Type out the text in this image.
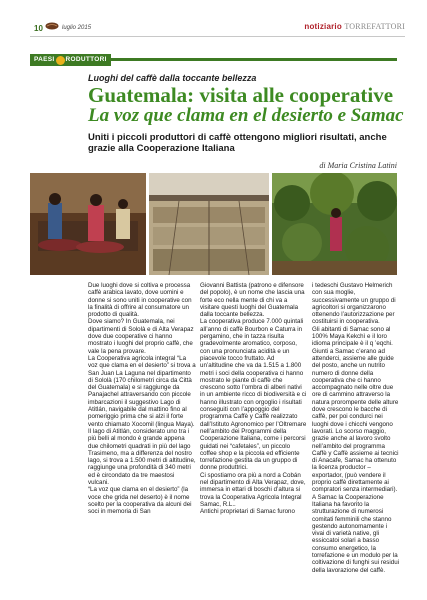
10	luglio 2015	notiziario TORREFATTORI
PAESI RODUTTORI
Luoghi del caffè dalla toccante bellezza
Guatemala: visita alle cooperative
La voz que clama en el desierto e Samac
Uniti i piccoli produttori di caffè ottengono migliori risultati, anche grazie alla Cooperazione Italiana
di Maria Cristina Latini

Due luoghi dove si coltiva e processa caffè arabica lavato, dove uomini e donne si sono uniti in cooperative con la finalità di offrire al consumatore un prodotto di qualità.

Dove siamo? In Guatemala, nei dipartimenti di Sololà e di Alta Verapaz dove due cooperative ci hanno mostrato i luoghi del proprio caffè, che vale la pena provare.

La Cooperativa agricola integral “La voz que clama en el desierto” si trova a San Juan La Laguna nel dipartimento di Sololà (170 chilometri circa da Città del Guatemala) e si raggiunge da Panajachel attraversando con piccole imbarcazioni il suggestivo Lago di Atitlán, navigabile dal mattino fino al pomeriggio prima che si alzi il forte vento chiamato Xocomil (lingua Maya).

Il lago di Atitlán, considerato uno tra i più belli al mondo è grande appena due chilometri quadrati in più del lago Trasimeno, ma a differenza del nostro lago, si trova a 1.500 metri di altitudine, raggiunge una profondità di 340 metri ed è circondato da tre maestosi vulcani.

“La voz que clama en el desierto” (la voce che grida nel deserto) è il nome scelto per la cooperativa da alcuni dei soci in memoria di San

Giovanni Battista (patrono e difensore del popolo), è un nome che lascia una forte eco nella mente di chi va a visitare questi luoghi del Guatemala dalla toccante bellezza.

La cooperativa produce 7.000 quintali all’anno di caffè Bourbon e Caturra in pergamino, che in tazza risulta gradevolmente aromatico, corposo, con una pronunciata acidità e un piacevole tocco fruttato. Ad un’altitudine che va da 1.515 a 1.800 metri i soci della cooperativa ci hanno mostrato le piante di caffè che crescono sotto l’ombra di alberi nativi in un ambiente ricco di biodiversità e ci hanno illustrato con orgoglio i risultati conseguiti con l’appoggio del programma Caffè y Caffè realizzato dall’Istituto Agronomico per l’Oltremare nell’ambito dei Programmi della Cooperazione Italiana, come i percorsi guidati nei “cafetales”, un piccolo coffee shop e la piccola ed efficiente torrefazione gestita da un gruppo di donne produttrici.

Ci spostiamo ora più a nord a Cobán nel dipartimento di Alta Verapaz, dove, immersa in ettari di boschi d’altura si trova la Cooperativa Agricola Integral Samac, R.L..

Antichi proprietari di Samac furono

i tedeschi Gustavo Helmerich con sua moglie, successivamente un gruppo di agricoltori si organizzarono ottenendo l’autorizzazione per costituirsi in cooperativa.

Gli abitanti di Samac sono al 100% Maya Kekchì e il loro idioma principale è il q ’eqchi. Giunti a Samac c’erano ad attenderci, assieme alle guide del posto, anche un nutrito numero di donne della cooperativa che ci hanno accompagnato nelle oltre due ore di cammino attraverso la natura prorompente delle alture dove crescono le bacche di caffè, per poi condurci nei luoghi dove i chicchi vengono lavorati. Lo scorso maggio, grazie anche al lavoro svolto nell’ambito del programma Caffè y Caffè assieme ai tecnici di Anacafe, Samac ha ottenuto la licenza productor – exportador, (può vendere il proprio caffè direttamente ai compratori senza intermediari).

A Samac la Cooperazione Italiana ha favorito la strutturazione di numerosi comitati femminili che stanno gestendo autonomamente i vivai di varietà native, gli essiccatoi solari a basso consumo energetico, la torrefazione e un modulo per la coltivazione di funghi sui residui della lavorazione del caffè.
